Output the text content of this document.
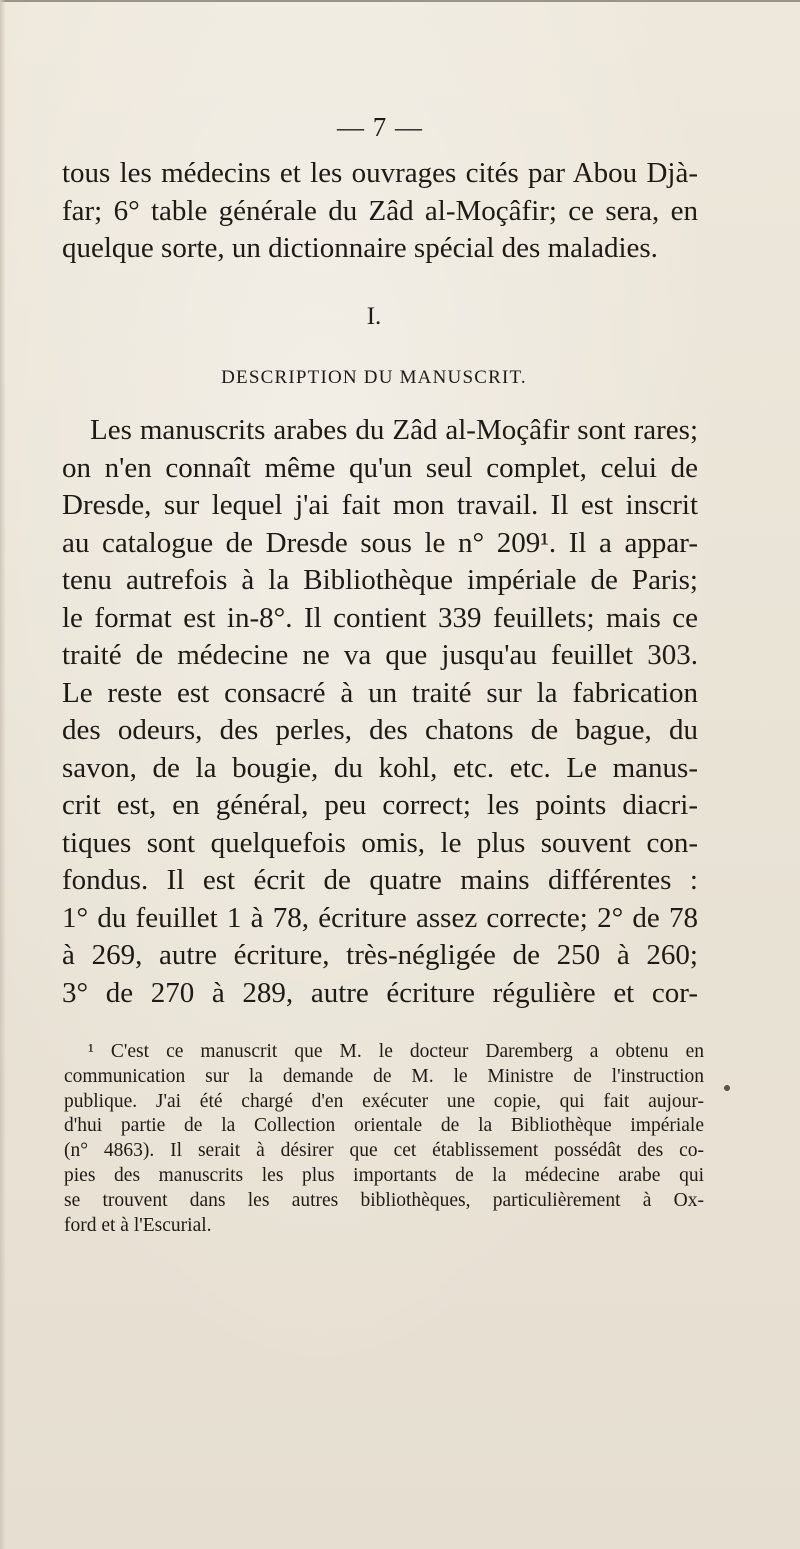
— 7 —
tous les médecins et les ouvrages cités par Abou Djà-
far; 6° table générale du Zâd al-Moçâfir; ce sera, en
quelque sorte, un dictionnaire spécial des maladies.
I.
DESCRIPTION DU MANUSCRIT.
Les manuscrits arabes du Zâd al-Moçâfir sont rares;
on n'en connaît même qu'un seul complet, celui de
Dresde, sur lequel j'ai fait mon travail. Il est inscrit
au catalogue de Dresde sous le n° 209¹. Il a appar-
tenu autrefois à la Bibliothèque impériale de Paris;
le format est in-8°. Il contient 339 feuillets; mais ce
traité de médecine ne va que jusqu'au feuillet 303.
Le reste est consacré à un traité sur la fabrication
des odeurs, des perles, des chatons de bague, du
savon, de la bougie, du kohl, etc. etc. Le manus-
crit est, en général, peu correct; les points diacri-
tiques sont quelquefois omis, le plus souvent con-
fondus. Il est écrit de quatre mains différentes :
1° du feuillet 1 à 78, écriture assez correcte; 2° de 78
à 269, autre écriture, très-négligée de 250 à 260;
3° de 270 à 289, autre écriture régulière et cor-
¹ C'est ce manuscrit que M. le docteur Daremberg a obtenu en
communication sur la demande de M. le Ministre de l'instruction
publique. J'ai été chargé d'en exécuter une copie, qui fait aujour-
d'hui partie de la Collection orientale de la Bibliothèque impériale
(n° 4863). Il serait à désirer que cet établissement possédât des co-
pies des manuscrits les plus importants de la médecine arabe qui
se trouvent dans les autres bibliothèques, particulièrement à Ox-
ford et à l'Escurial.
